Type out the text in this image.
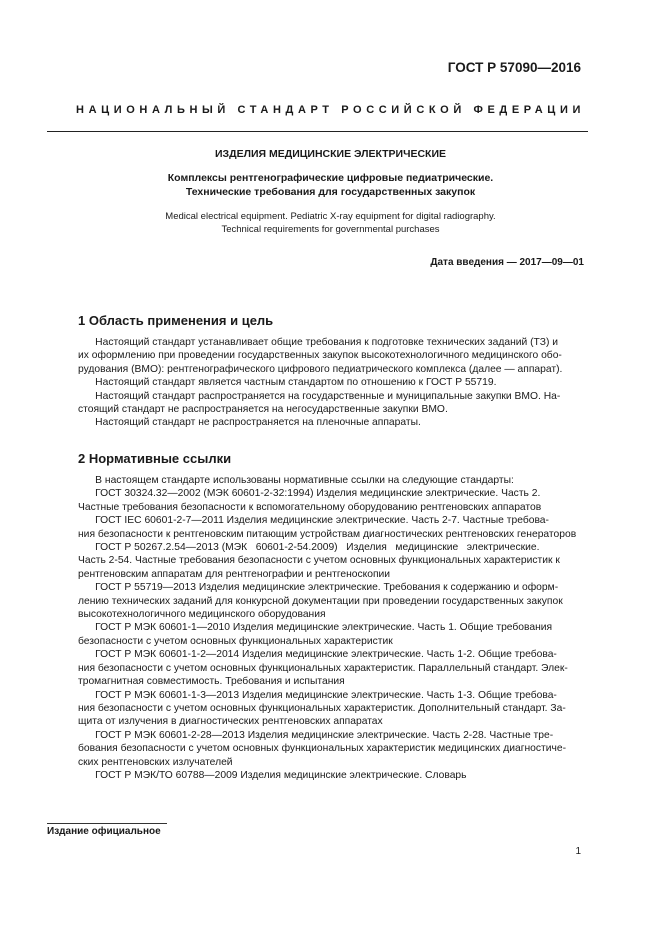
ГОСТ Р 57090—2016
НАЦИОНАЛЬНЫЙ СТАНДАРТ РОССИЙСКОЙ ФЕДЕРАЦИИ
ИЗДЕЛИЯ МЕДИЦИНСКИЕ ЭЛЕКТРИЧЕСКИЕ
Комплексы рентгенографические цифровые педиатрические.
Технические требования для государственных закупок
Medical electrical equipment. Pediatric X-ray equipment for digital radiography.
Technical requirements for governmental purchases
Дата введения — 2017—09—01
1 Область применения и цель
Настоящий стандарт устанавливает общие требования к подготовке технических заданий (ТЗ) и
их оформлению при проведении государственных закупок высокотехнологичного медицинского обо-
рудования (ВМО): рентгенографического цифрового педиатрического комплекса (далее — аппарат).
Настоящий стандарт является частным стандартом по отношению к ГОСТ Р 55719.
Настоящий стандарт распространяется на государственные и муниципальные закупки ВМО. На-
стоящий стандарт не распространяется на негосударственные закупки ВМО.
Настоящий стандарт не распространяется на пленочные аппараты.
2 Нормативные ссылки
В настоящем стандарте использованы нормативные ссылки на следующие стандарты:
ГОСТ 30324.32—2002 (МЭК 60601-2-32:1994) Изделия медицинские электрические. Часть 2.
Частные требования безопасности к вспомогательному оборудованию рентгеновских аппаратов
ГОСТ IEC 60601-2-7—2011 Изделия медицинские электрические. Часть 2-7. Частные требова-
ния безопасности к рентгеновским питающим устройствам диагностических рентгеновских генераторов
ГОСТ Р 50267.2.54—2013 (МЭК   60601-2-54.2009)   Изделия   медицинские   электрические.
Часть 2-54. Частные требования безопасности с учетом основных функциональных характеристик к
рентгеновским аппаратам для рентгенографии и рентгеноскопии
ГОСТ Р 55719—2013 Изделия медицинские электрические. Требования к содержанию и оформ-
лению технических заданий для конкурсной документации при проведении государственных закупок
высокотехнологичного медицинского оборудования
ГОСТ Р МЭК 60601-1—2010 Изделия медицинские электрические. Часть 1. Общие требования
безопасности с учетом основных функциональных характеристик
ГОСТ Р МЭК 60601-1-2—2014 Изделия медицинские электрические. Часть 1-2. Общие требова-
ния безопасности с учетом основных функциональных характеристик. Параллельный стандарт. Элек-
тромагнитная совместимость. Требования и испытания
ГОСТ Р МЭК 60601-1-3—2013 Изделия медицинские электрические. Часть 1-3. Общие требова-
ния безопасности с учетом основных функциональных характеристик. Дополнительный стандарт. За-
щита от излучения в диагностических рентгеновских аппаратах
ГОСТ Р МЭК 60601-2-28—2013 Изделия медицинские электрические. Часть 2-28. Частные тре-
бования безопасности с учетом основных функциональных характеристик медицинских диагностиче-
ских рентгеновских излучателей
ГОСТ Р МЭК/ТО 60788—2009 Изделия медицинские электрические. Словарь
Издание официальное
1
